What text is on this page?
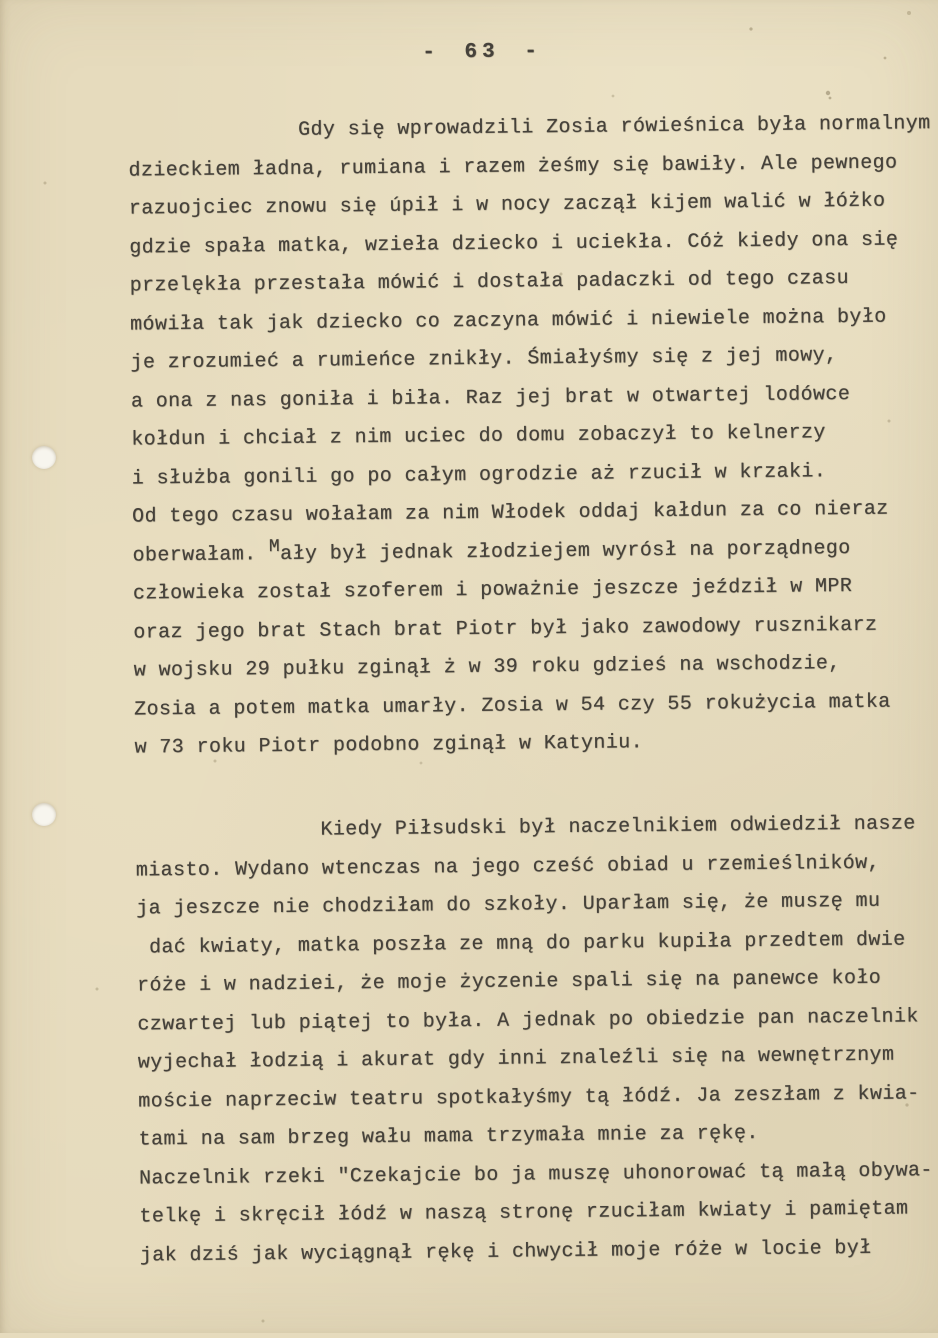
- 63 -
Gdy się wprowadzili Zosia rówieśnica była normalnym
dzieckiem ładna, rumiana i razem żeśmy się bawiły. Ale pewnego
razuojciec znowu się úpił i w nocy zaczął kijem walić w łóżko
gdzie spała matka, wzieła dziecko i uciekła. Cóż kiedy ona się
przelękła przestała mówić i dostała padaczki od tego czasu
mówiła tak jak dziecko co zaczyna mówić i niewiele można było
je zrozumieć a rumieńce znikły. Śmiałyśmy się z jej mowy,
a ona z nas goniła i biła. Raz jej brat w otwartej lodówce
kołdun i chciał z nim uciec do domu zobaczył to kelnerzy
i służba gonili go po całym ogrodzie aż rzucił w krzaki.
Od tego czasu wołałam za nim Włodek oddaj kałdun za co nieraz
oberwałam. Mały był jednak złodziejem wyrósł na porządnego
człowieka został szoferem i poważnie jeszcze jeździł w MPR
oraz jego brat Stach brat Piotr był jako zawodowy rusznikarz
w wojsku 29 pułku zginął ż w 39 roku gdzieś na wschodzie,
Zosia a potem matka umarły. Zosia w 54 czy 55 rokużycia matka
w 73 roku Piotr podobno zginął w Katyniu.
Kiedy Piłsudski był naczelnikiem odwiedził nasze
miasto. Wydano wtenczas na jego cześć obiad u rzemieślników,
ja jeszcze nie chodziłam do szkoły. Uparłam się, że muszę mu
dać kwiaty, matka poszła ze mną do parku kupiła przedtem dwie
róże i w nadziei, że moje życzenie spali się na panewce koło
czwartej lub piątej to była. A jednak po obiedzie pan naczelnik
wyjechał łodzią i akurat gdy inni znaleźli się na wewnętrznym
moście naprzeciw teatru spotkałyśmy tą łódź. Ja zeszłam z kwia-
tami na sam brzeg wału mama trzymała mnie za rękę.
Naczelnik rzeki "Czekajcie bo ja muszę uhonorować tą małą obywa-
telkę i skręcił łódź w naszą stronę rzuciłam kwiaty i pamiętam
jak dziś jak wyciągnął rękę i chwycił moje róże w locie był
